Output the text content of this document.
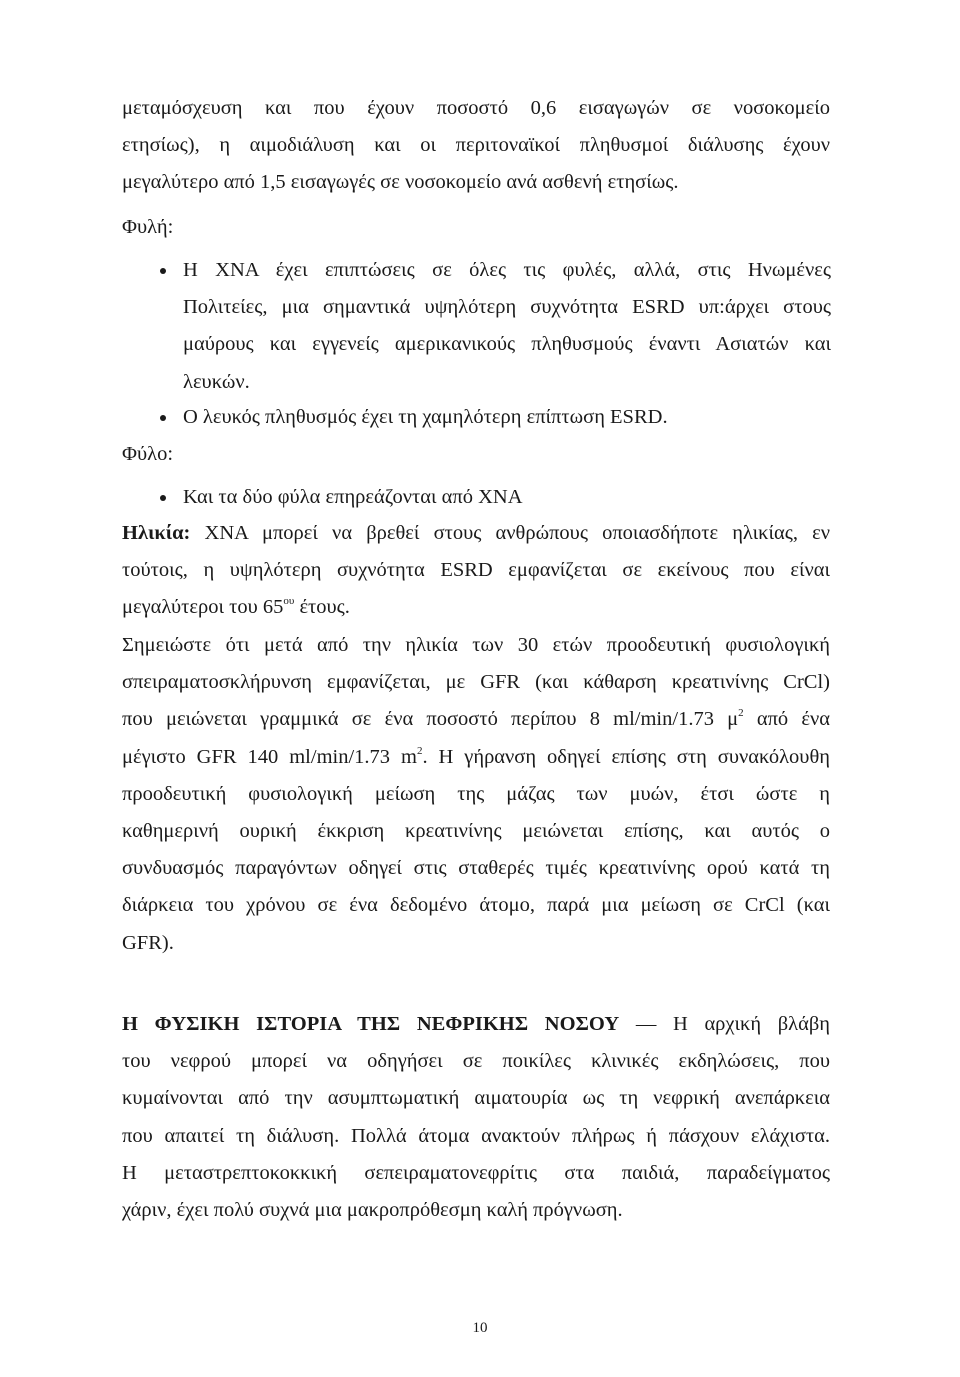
μεταμόσχευση και που έχουν ποσοστό 0,6 εισαγωγών σε νοσοκομείο
ετησίως), η αιμοδιάλυση και οι περιτοναϊκοί πληθυσμοί διάλυσης έχουν
μεγαλύτερο από 1,5 εισαγωγές σε νοσοκομείο ανά ασθενή ετησίως.

Φυλή:

Η ΧΝΑ έχει επιπτώσεις σε όλες τις φυλές, αλλά, στις Ηνωμένες
Πολιτείες, μια σημαντικά υψηλότερη συχνότητα ESRD υπ:άρχει στους
μαύρους και εγγενείς αμερικανικούς πληθυσμούς έναντι Ασιατών και
λευκών.
Ο λευκός πληθυσμός έχει τη χαμηλότερη επίπτωση ESRD.

Φύλο:

Και τα δύο φύλα επηρεάζονται από ΧΝΑ
Ηλικία: ΧΝΑ μπορεί να βρεθεί στους ανθρώπους οποιασδήποτε ηλικίας, εν
τούτοις, η υψηλότερη συχνότητα ESRD εμφανίζεται σε εκείνους που είναι
μεγαλύτεροι του $65^{o\upsilon}$ έτους.
Σημειώστε ότι μετά από την ηλικία των 30 ετών προοδευτική φυσιολογική
σπειραματοσκλήρυνση εμφανίζεται, με GFR (και κάθαρση κρεατινίνης CrCl)
που μειώνεται γραμμικά σε ένα ποσοστό περίπου 8 ml/min/1.73 $\mu^2$ από ένα
μέγιστο GFR 140 ml/min/1.73 $m^2$. Η γήρανση οδηγεί επίσης στη συνακόλουθη
προοδευτική φυσιολογική μείωση της μάζας των μυών, έτσι ώστε η
καθημερινή ουρική έκκριση κρεατινίνης μειώνεται επίσης, και αυτός ο
συνδυασμός παραγόντων οδηγεί στις σταθερές τιμές κρεατινίνης ορού κατά τη
διάρκεια του χρόνου σε ένα δεδομένο άτομο, παρά μια μείωση σε CrCl (και
GFR).
Η ΦΥΣΙΚΗ ΙΣΤΟΡΙΑ ΤΗΣ ΝΕΦΡΙΚΗΣ ΝΟΣΟΥ — Η αρχική βλάβη
του νεφρού μπορεί να οδηγήσει σε ποικίλες κλινικές εκδηλώσεις, που
κυμαίνονται από την ασυμπτωματική αιματουρία ως τη νεφρική ανεπάρκεια
που απαιτεί τη διάλυση. Πολλά άτομα ανακτούν πλήρως ή πάσχουν ελάχιστα.
Η μεταστρεπτοκοκκική σεπειραματονεφρίτις στα παιδιά, παραδείγματος
χάριν, έχει πολύ συχνά μια μακροπρόθεσμη καλή πρόγνωση.
10
